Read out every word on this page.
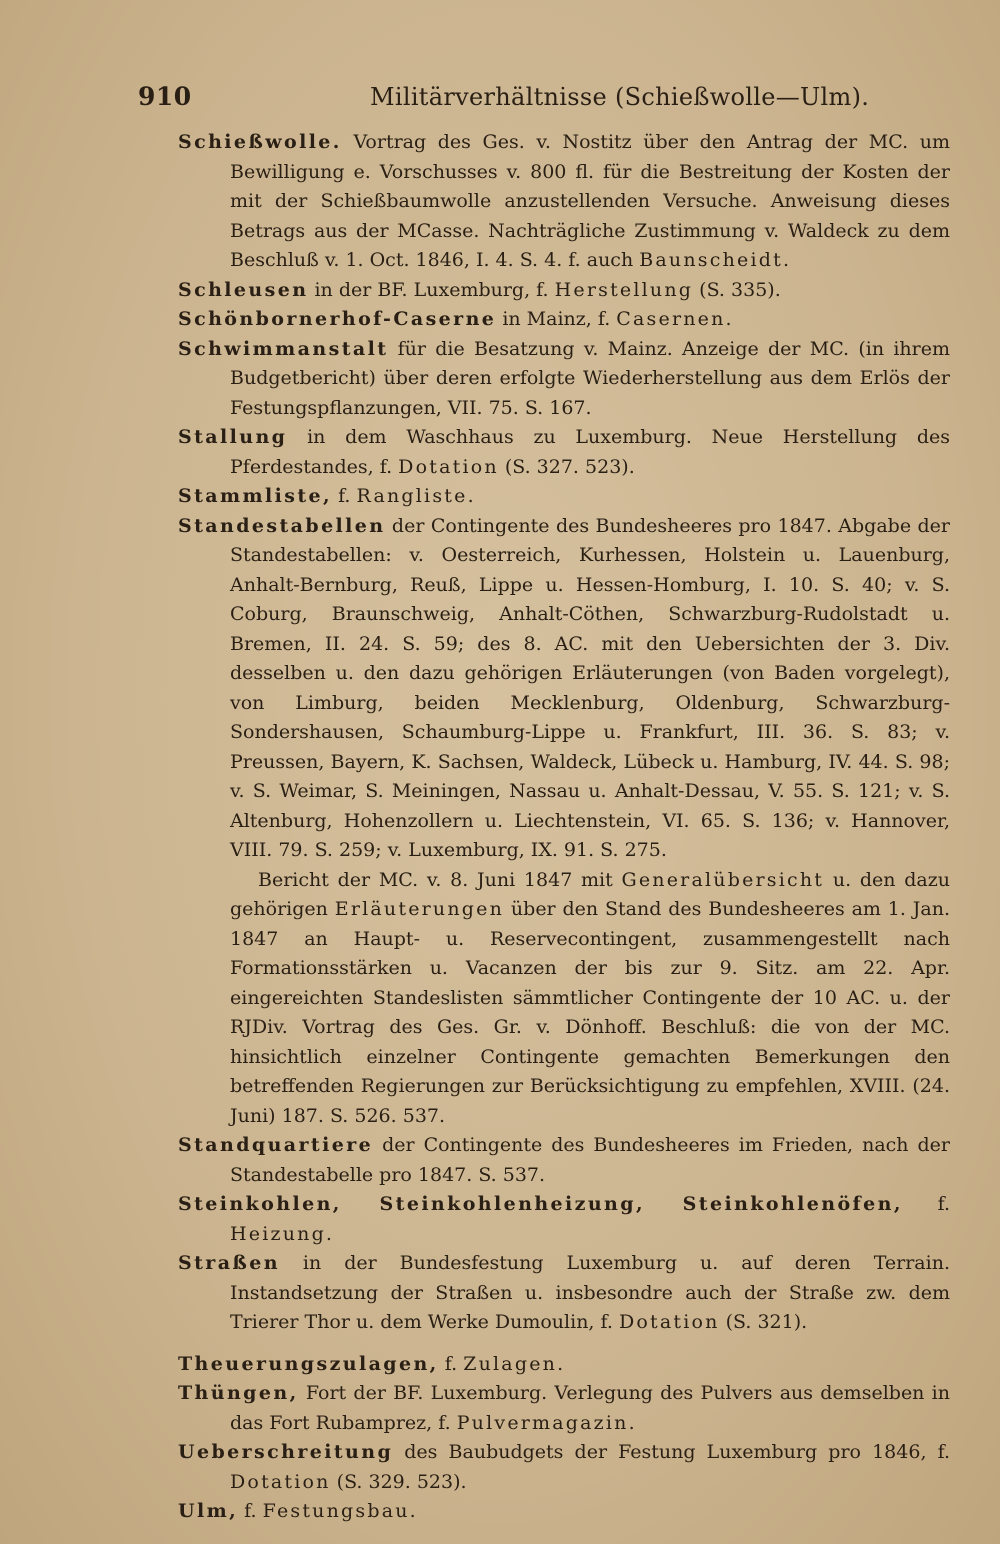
910	Militärverhältnisse (Schießwolle—Ulm).

Schießwolle. Vortrag des Ges. v. Nostitz über den Antrag der MC. um Bewilligung e. Vorschusses v. 800 fl. für die Bestreitung der Kosten der mit der Schießbaumwolle anzustellenden Versuche. Anweisung dieses Betrags aus der MCasse. Nachträgliche Zustimmung v. Waldeck zu dem Beschluß v. 1. Oct. 1846, I. 4. S. 4. f. auch Baunscheidt.

Schleusen in der BF. Luxemburg, f. Herstellung (S. 335).

Schönbornerhof-Caserne in Mainz, f. Casernen.

Schwimmanstalt für die Besatzung v. Mainz. Anzeige der MC. (in ihrem Budgetbericht) über deren erfolgte Wiederherstellung aus dem Erlös der Festungspflanzungen, VII. 75. S. 167.

Stallung in dem Waschhaus zu Luxemburg. Neue Herstellung des Pferdestandes, f. Dotation (S. 327. 523).

Stammliste, f. Rangliste.

Standestabellen der Contingente des Bundesheeres pro 1847. Abgabe der Standestabellen: v. Oesterreich, Kurhessen, Holstein u. Lauenburg, Anhalt-Bernburg, Reuß, Lippe u. Hessen-Homburg, I. 10. S. 40; v. S. Coburg, Braunschweig, Anhalt-Cöthen, Schwarzburg-Rudolstadt u. Bremen, II. 24. S. 59; des 8. AC. mit den Uebersichten der 3. Div. desselben u. den dazu gehörigen Erläuterungen (von Baden vorgelegt), von Limburg, beiden Mecklenburg, Oldenburg, Schwarzburg-Sondershausen, Schaumburg-Lippe u. Frankfurt, III. 36. S. 83; v. Preussen, Bayern, K. Sachsen, Waldeck, Lübeck u. Hamburg, IV. 44. S. 98; v. S. Weimar, S. Meiningen, Nassau u. Anhalt-Dessau, V. 55. S. 121; v. S. Altenburg, Hohenzollern u. Liechtenstein, VI. 65. S. 136; v. Hannover, VIII. 79. S. 259; v. Luxemburg, IX. 91. S. 275.

Bericht der MC. v. 8. Juni 1847 mit Generalübersicht u. den dazu gehörigen Erläuterungen über den Stand des Bundesheeres am 1. Jan. 1847 an Haupt- u. Reservecontingent, zusammengestellt nach Formationsstärken u. Vacanzen der bis zur 9. Sitz. am 22. Apr. eingereichten Standeslisten sämmtlicher Contingente der 10 AC. u. der RJDiv. Vortrag des Ges. Gr. v. Dönhoff. Beschluß: die von der MC. hinsichtlich einzelner Contingente gemachten Bemerkungen den betreffenden Regierungen zur Berücksichtigung zu empfehlen, XVIII. (24. Juni) 187. S. 526. 537.

Standquartiere der Contingente des Bundesheeres im Frieden, nach der Standestabelle pro 1847. S. 537.

Steinkohlen, Steinkohlenheizung, Steinkohlenöfen, f. Heizung.

Straßen in der Bundesfestung Luxemburg u. auf deren Terrain. Instandsetzung der Straßen u. insbesondre auch der Straße zw. dem Trierer Thor u. dem Werke Dumoulin, f. Dotation (S. 321).

Theuerungszulagen, f. Zulagen.

Thüngen, Fort der BF. Luxemburg. Verlegung des Pulvers aus demselben in das Fort Rubamprez, f. Pulvermagazin.

Ueberschreitung des Baubudgets der Festung Luxemburg pro 1846, f. Dotation (S. 329. 523).

Ulm, f. Festungsbau.
